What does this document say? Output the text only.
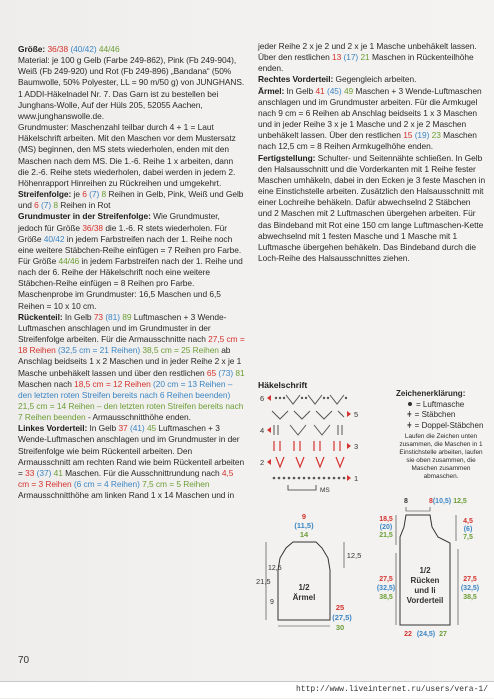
Größe: 36/38 (40/42) 44/46

Material: je 100 g Gelb (Farbe 249-862), Pink (Fb 249-904), Weiß (Fb 249-920) und Rot (Fb 249-896) „Bandana“ (50% Baumwolle, 50% Polyester, LL = 90 m/50 g) von JUNGHANS. 1 ADDI-Häkelnadel Nr. 7. Das Garn ist zu bestellen bei Junghans-Wolle, Auf der Hüls 205, 52055 Aachen, www.junghanswolle.de.

Grundmuster: Maschenzahl teilbar durch 4 + 1 = Laut Häkelschrift arbeiten. Mit den Maschen vor dem Mustersatz (MS) beginnen, den MS stets wiederholen, enden mit den Maschen nach dem MS. Die 1.-6. Reihe 1 x arbeiten, dann die 2.-6. Reihe stets wiederholen, dabei werden in jedem 2. Höhenrapport Hinreihen zu Rückreihen und umgekehrt.

Streifenfolge: je 6 (7) 8 Reihen in Gelb, Pink, Weiß und Gelb und 6 (7) 8 Reihen in Rot

Grundmuster in der Streifenfolge: Wie Grundmuster, jedoch für Größe 36/38 die 1.-6. R stets wiederholen. Für Größe 40/42 in jedem Farbstreifen nach der 1. Reihe noch eine weitere Stäbchen-Reihe einfügen = 7 Reihen pro Farbe. Für Größe 44/46 in jedem Farbstreifen nach der 1. Reihe und nach der 6. Reihe der Häkelschrift noch eine weitere Stäbchen-Reihe einfügen = 8 Reihen pro Farbe.

Maschenprobe im Grundmuster: 16,5 Maschen und 6,5 Reihen = 10 x 10 cm.

Rückenteil: In Gelb 73 (81) 89 Luftmaschen + 3 Wende-Luftmaschen anschlagen und im Grundmuster in der Streifenfolge arbeiten. Für die Armausschnitte nach 27,5 cm = 18 Reihen (32,5 cm = 21 Reihen) 38,5 cm = 25 Reihen ab Anschlag beidseits 1 x 2 Maschen und in jeder Reihe 2 x je 1 Masche unbehäkelt lassen und über den restlichen 65 (73) 81 Maschen nach 18,5 cm = 12 Reihen (20 cm = 13 Reihen – den letzten roten Streifen bereits nach 6 Reihen beenden) 21,5 cm = 14 Reihen – den letzten roten Streifen bereits nach 7 Reihen beenden - Armausschnitthöhe enden.

Linkes Vorderteil: In Gelb 37 (41) 45 Luftmaschen + 3 Wende-Luftmaschen anschlagen und im Grundmuster in der Streifenfolge wie beim Rückenteil arbeiten. Den Armausschnitt am rechten Rand wie beim Rückenteil arbeiten = 33 (37) 41 Maschen. Für die Ausschnittrundung nach 4,5 cm = 3 Reihen (6 cm = 4 Reihen) 7,5 cm = 5 Reihen Armausschnitthöhe am linken Rand 1 x 14 Maschen und in

jeder Reihe 2 x je 2 und 2 x je 1 Masche unbehäkelt lassen. Über den restlichen 13 (17) 21 Maschen in Rückenteilhöhe enden.

Rechtes Vorderteil: Gegengleich arbeiten.

Ärmel: In Gelb 41 (45) 49 Maschen + 3 Wende-Luftmaschen anschlagen und im Grundmuster arbeiten. Für die Armkugel nach 9 cm = 6 Reihen ab Anschlag beidseits 1 x 3 Maschen und in jeder Reihe 3 x je 1 Masche und 2 x je 2 Maschen unbehäkelt lassen. Über den restlichen 15 (19) 23 Maschen nach 12,5 cm = 8 Reihen Armkugelhöhe enden.

Fertigstellung: Schulter- und Seitennähte schließen. In Gelb den Halsausschnitt und die Vorderkanten mit 1 Reihe fester Maschen umhäkeln, dabei in den Ecken je 3 feste Maschen in eine Einstichstelle arbeiten. Zusätzlich den Halsausschnitt mit einer Lochreihe behäkeln. Dafür abwechselnd 2 Stäbchen und 2 Maschen mit 2 Luftmaschen übergehen arbeiten. Für das Bindeband mit Rot eine 150 cm lange Luftmaschen-Kette abwechselnd mit 1 festen Masche und 1 Masche mit 1 Luftmasche übergehen behäkeln. Das Bindeband durch die Loch-Reihe des Halsausschnittes ziehen.

Häkelschrift
6
5
4
3
2
1
MS
Zeichenerklärung:
= Luftmasche
ǂ = Stäbchen
ǂ = Doppel-Stäbchen
Laufen die Zeichen unten zusammen, die Maschen in 1 Einstichstelle arbeiten, laufen sie oben zusammen, die Maschen zusammen abmaschen.
9
(11,5)
14
12,5
21,5
12,5
9
1/2
Ärmel
25
(27,5)
30
8	8 (10,5) 12,5
18,5
(20)
21,5
4,5
(6)
7,5
27,5
(32,5)
38,5
27,5
(32,5)
38,5
1/2
Rücken
und li
Vorderteil
22 (24,5) 27
70
http://www.liveinternet.ru/users/vera-1/
